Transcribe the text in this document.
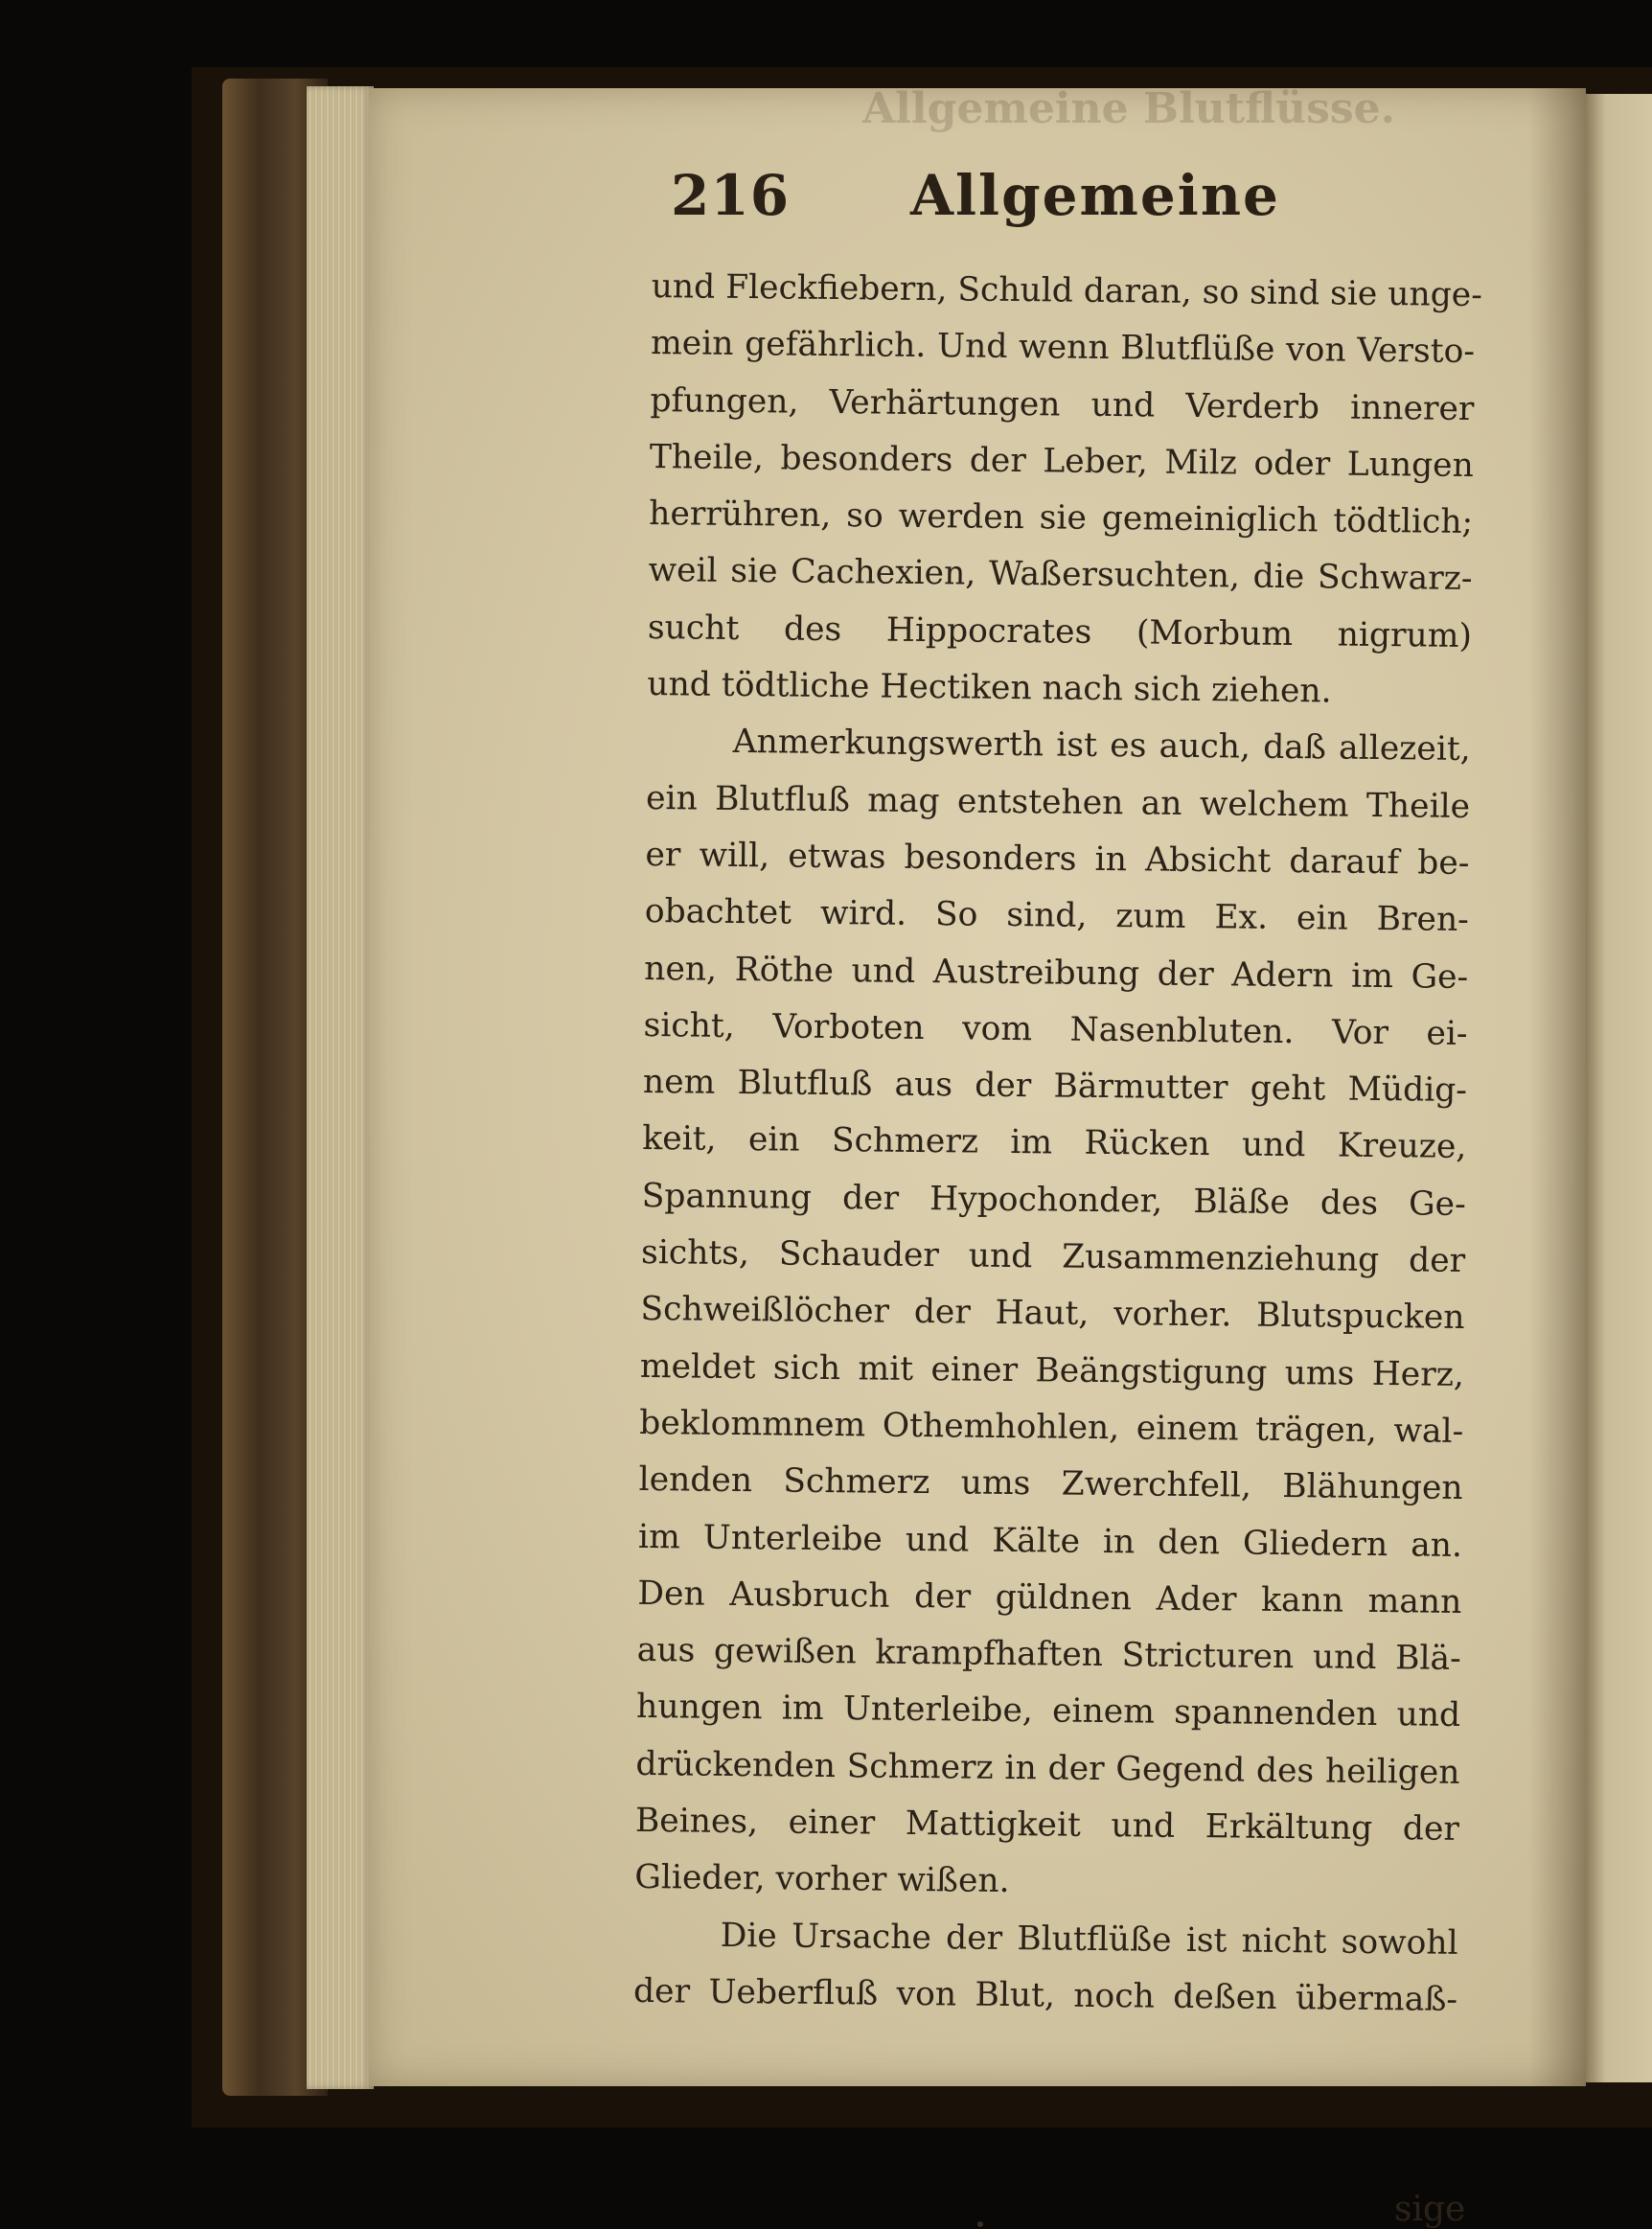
Allgemeine Blutflüsse.
216 Allgemeine
und Fleckfiebern, Schuld daran, so sind sie unge-
mein gefährlich. Und wenn Blutflüße von Versto-
pfungen, Verhärtungen und Verderb innerer
Theile, besonders der Leber, Milz oder Lungen
herrühren, so werden sie gemeiniglich tödtlich;
weil sie Cachexien, Waßersuchten, die Schwarz-
sucht des Hippocrates (Morbum nigrum)
und tödtliche Hectiken nach sich ziehen.
Anmerkungswerth ist es auch, daß allezeit,
ein Blutfluß mag entstehen an welchem Theile
er will, etwas besonders in Absicht darauf be-
obachtet wird. So sind, zum Ex. ein Bren-
nen, Röthe und Austreibung der Adern im Ge-
sicht, Vorboten vom Nasenbluten. Vor ei-
nem Blutfluß aus der Bärmutter geht Müdig-
keit, ein Schmerz im Rücken und Kreuze,
Spannung der Hypochonder, Bläße des Ge-
sichts, Schauder und Zusammenziehung der
Schweißlöcher der Haut, vorher. Blutspucken
meldet sich mit einer Beängstigung ums Herz,
beklommnem Othemhohlen, einem trägen, wal-
lenden Schmerz ums Zwerchfell, Blähungen
im Unterleibe und Kälte in den Gliedern an.
Den Ausbruch der güldnen Ader kann mann
aus gewißen krampfhaften Stricturen und Blä-
hungen im Unterleibe, einem spannenden und
drückenden Schmerz in der Gegend des heiligen
Beines, einer Mattigkeit und Erkältung der
Glieder, vorher wißen.
Die Ursache der Blutflüße ist nicht sowohl
der Ueberfluß von Blut, noch deßen übermaß-
sige
